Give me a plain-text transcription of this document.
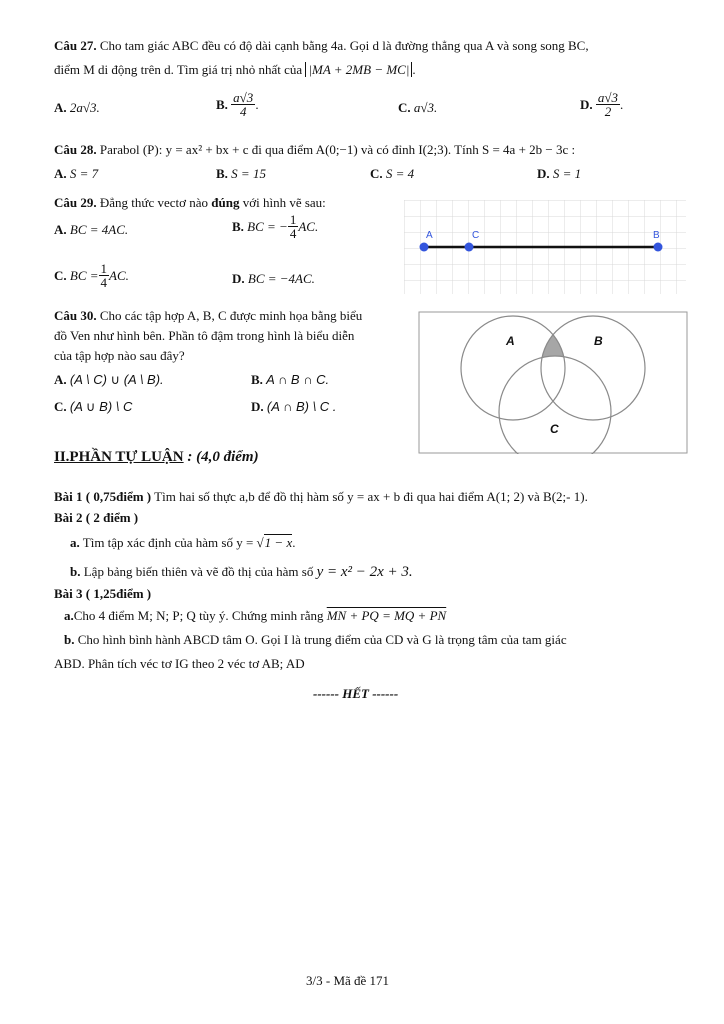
Câu 27. Cho tam giác ABC đều có độ dài cạnh bằng 4a. Gọi d là đường thẳng qua A và song song BC,
điểm M di động trên d. Tìm giá trị nhỏ nhất của |MA + 2MB − MC| .
A. 2a√3.	B. $\frac{a√3}{4}$ .	C. a√3.	D. $\frac{a√3}{2}$ .
Câu 28. Parabol (P): y = ax² + bx + c đi qua điểm A(0;−1) và có đỉnh I(2;3). Tính S = 4a + 2b − 3c :
A. S = 7	B. S = 15	C. S = 4	D. S = 1
Câu 29. Đẳng thức vectơ nào đúng với hình vẽ sau:
A. BC = 4AC.	B. BC = − $\frac{1}{4}$ AC.
C. BC = $\frac{1}{4}$ AC.	D. BC = −4AC.
A	C	B
Câu 30. Cho các tập hợp A, B, C được minh họa bằng biểu
đồ Ven như hình bên. Phần tô đậm trong hình là biểu diễn
của tập hợp nào sau đây?
A. (A \ C) ∪ (A \ B).	B. A ∩ B ∩ C.
C. (A ∪ B) \ C	D. (A ∩ B) \ C .
A	B
C
II.PHẦN TỰ LUẬN : (4,0 điểm)
Bài 1 ( 0,75điểm ) Tìm hai số thực a,b để đồ thị hàm số y = ax + b đi qua hai điểm A(1; 2) và B(2;- 1).
Bài 2 ( 2 điểm )
a. Tìm tập xác định của hàm số y = √1 − x.
b. Lập bảng biến thiên và vẽ đồ thị của hàm số y = x² − 2x + 3.
Bài 3 ( 1,25điểm )
a.Cho 4 điểm M; N; P; Q tùy ý. Chứng minh rằng MN + PQ = MQ + PN
b. Cho hình bình hành ABCD tâm O. Gọi I là trung điểm của CD và G là trọng tâm của tam giác
ABD. Phân tích véc tơ IG theo 2 véc tơ AB; AD
------ HẾT ------
3/3 - Mã đề 171
